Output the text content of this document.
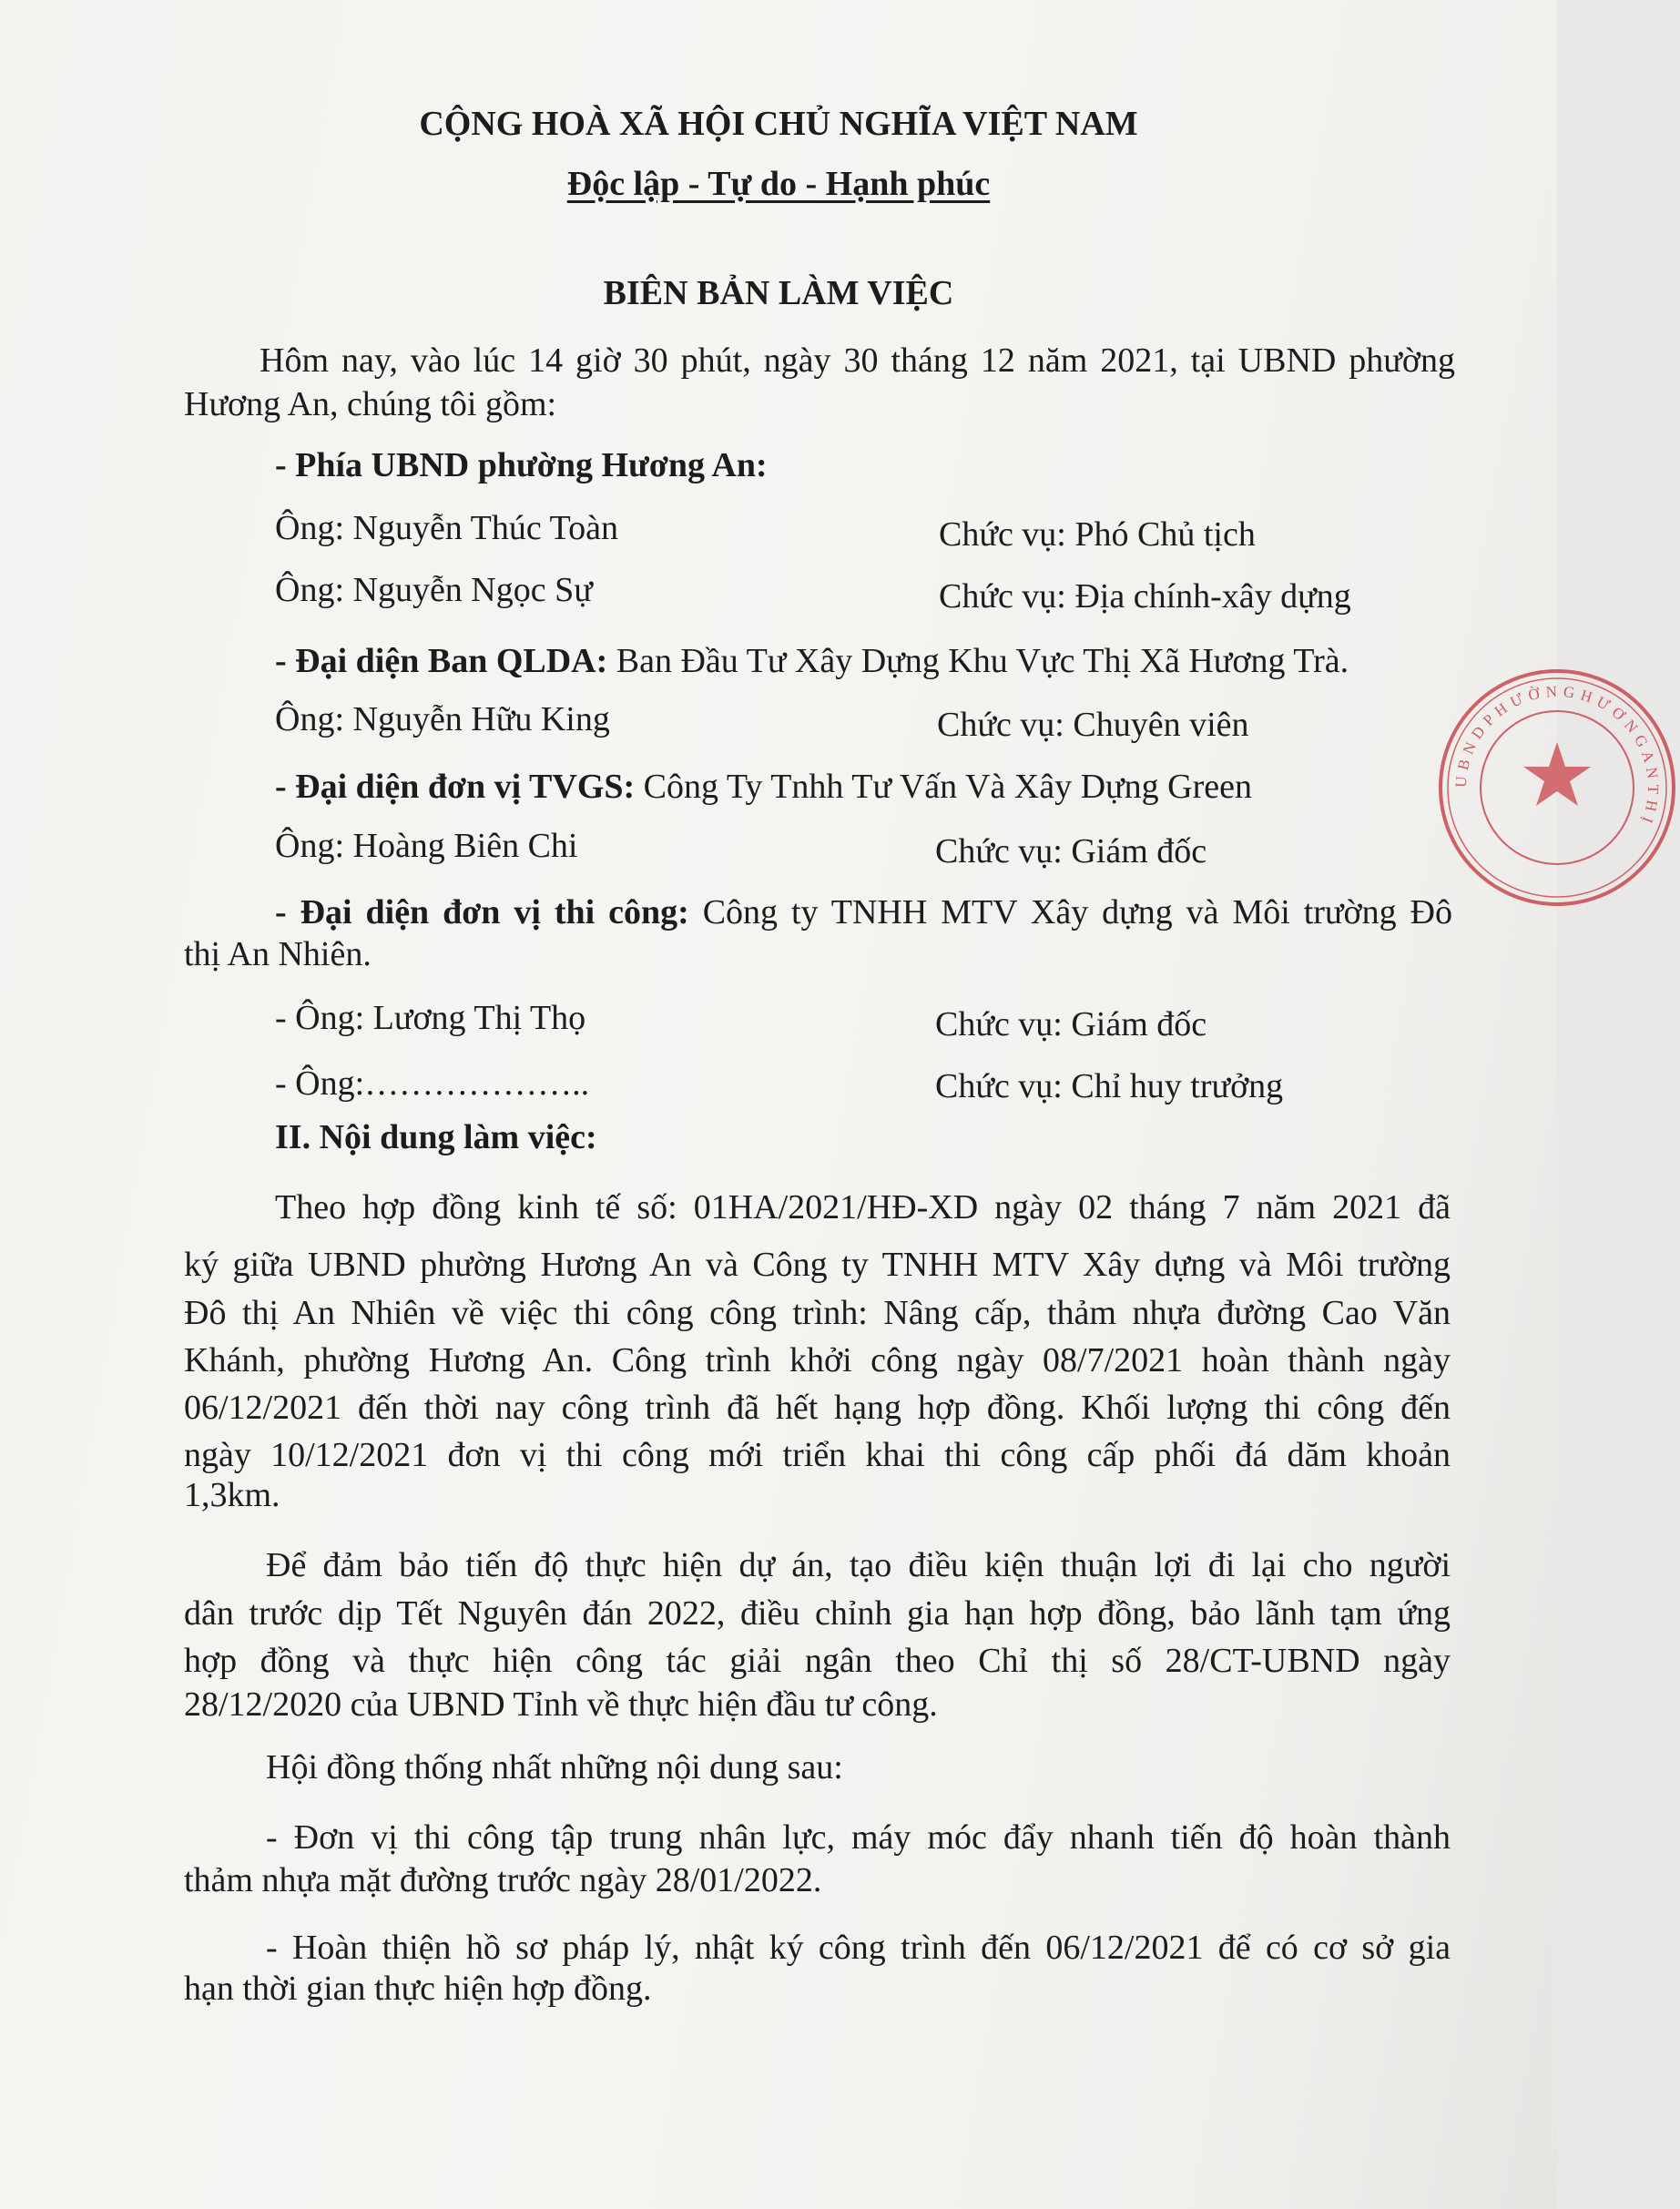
CỘNG HOÀ XÃ HỘI CHỦ NGHĨA VIỆT NAM
Độc lập - Tự do - Hạnh phúc
BIÊN BẢN LÀM VIỆC
Hôm nay, vào lúc 14 giờ 30 phút, ngày 30 tháng 12 năm 2021, tại UBND phường
Hương An, chúng tôi gồm:
- Phía UBND phường Hương An:
Ông: Nguyễn Thúc Toàn	Chức vụ: Phó Chủ tịch
Ông: Nguyễn Ngọc Sự	Chức vụ: Địa chính-xây dựng
- Đại diện Ban QLDA: Ban Đầu Tư Xây Dựng Khu Vực Thị Xã Hương Trà.
Ông: Nguyễn Hữu King	Chức vụ: Chuyên viên
- Đại diện đơn vị TVGS: Công Ty Tnhh Tư Vấn Và Xây Dựng Green
Ông: Hoàng Biên Chi	Chức vụ: Giám đốc
- Đại diện đơn vị thi công: Công ty TNHH MTV Xây dựng và Môi trường Đô
thị An Nhiên.
- Ông: Lương Thị Thọ	Chức vụ: Giám đốc
- Ông:………………..	Chức vụ: Chỉ huy trưởng
II. Nội dung làm việc:
Theo hợp đồng kinh tế số: 01HA/2021/HĐ-XD ngày 02 tháng 7 năm 2021 đã
ký giữa UBND phường Hương An và Công ty TNHH MTV Xây dựng và Môi trường
Đô thị An Nhiên về việc thi công công trình: Nâng cấp, thảm nhựa đường Cao Văn
Khánh, phường Hương An. Công trình khởi công ngày 08/7/2021 hoàn thành ngày
06/12/2021 đến thời nay công trình đã hết hạng hợp đồng. Khối lượng thi công đến
ngày 10/12/2021 đơn vị thi công mới triển khai thi công cấp phối đá dăm khoản
1,3km.
Để đảm bảo tiến độ thực hiện dự án, tạo điều kiện thuận lợi đi lại cho người
dân trước dịp Tết Nguyên đán 2022, điều chỉnh gia hạn hợp đồng, bảo lãnh tạm ứng
hợp đồng và thực hiện công tác giải ngân theo Chỉ thị số 28/CT-UBND ngày
28/12/2020 của UBND Tỉnh về thực hiện đầu tư công.
Hội đồng thống nhất những nội dung sau:
- Đơn vị thi công tập trung nhân lực, máy móc đẩy nhanh tiến độ hoàn thành
thảm nhựa mặt đường trước ngày 28/01/2022.
- Hoàn thiện hồ sơ pháp lý, nhật ký công trình đến 06/12/2021 để có cơ sở gia
hạn thời gian thực hiện hợp đồng.
U B N D P H Ư Ờ N G H Ư Ơ N G A N T H Ị
